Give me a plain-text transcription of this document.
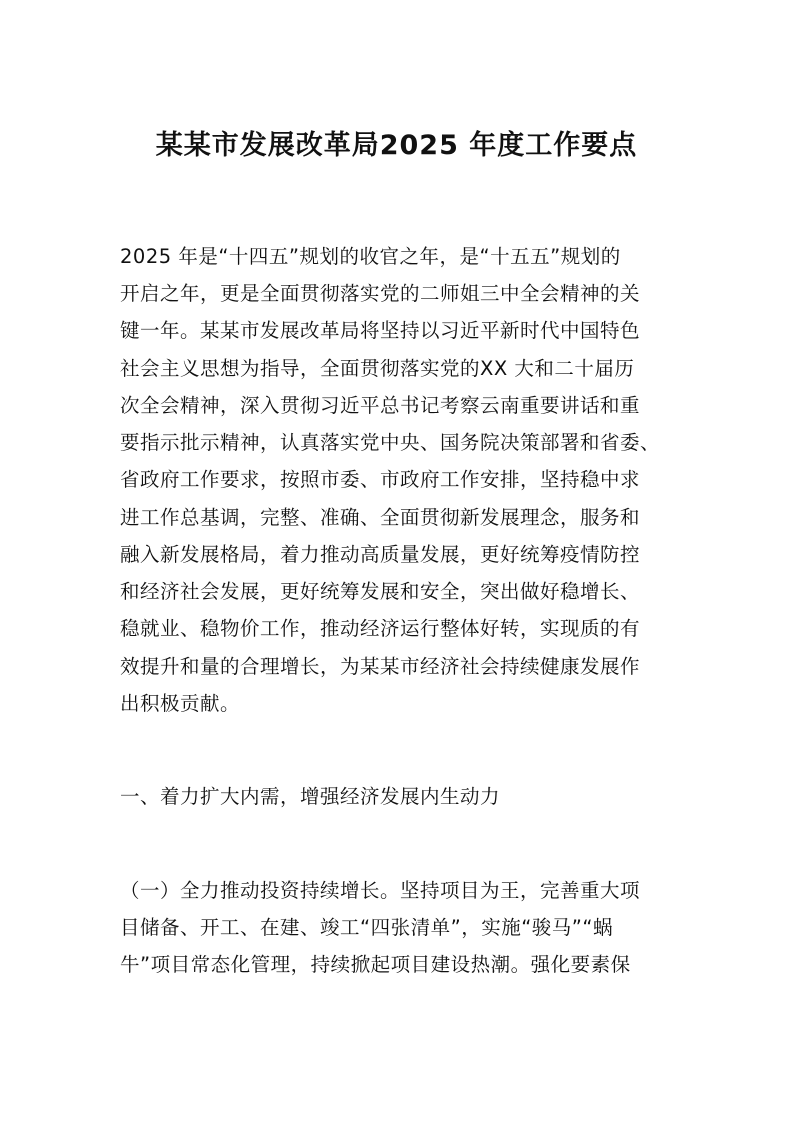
某某市发展改革局2025 年度工作要点
2025 年是“十四五”规划的收官之年，是“十五五”规划的
开启之年，更是全面贯彻落实党的二师姐三中全会精神的关
键一年。某某市发展改革局将坚持以习近平新时代中国特色
社会主义思想为指导，全面贯彻落实党的XX 大和二十届历
次全会精神，深入贯彻习近平总书记考察云南重要讲话和重
要指示批示精神，认真落实党中央、国务院决策部署和省委、
省政府工作要求，按照市委、市政府工作安排，坚持稳中求
进工作总基调，完整、准确、全面贯彻新发展理念，服务和
融入新发展格局，着力推动高质量发展，更好统筹疫情防控
和经济社会发展，更好统筹发展和安全，突出做好稳增长、
稳就业、稳物价工作，推动经济运行整体好转，实现质的有
效提升和量的合理增长，为某某市经济社会持续健康发展作
出积极贡献。
一、着力扩大内需，增强经济发展内生动力
（一）全力推动投资持续增长。坚持项目为王，完善重大项
目储备、开工、在建、竣工“四张清单”，实施“骏马”“蜗
牛”项目常态化管理，持续掀起项目建设热潮。强化要素保
